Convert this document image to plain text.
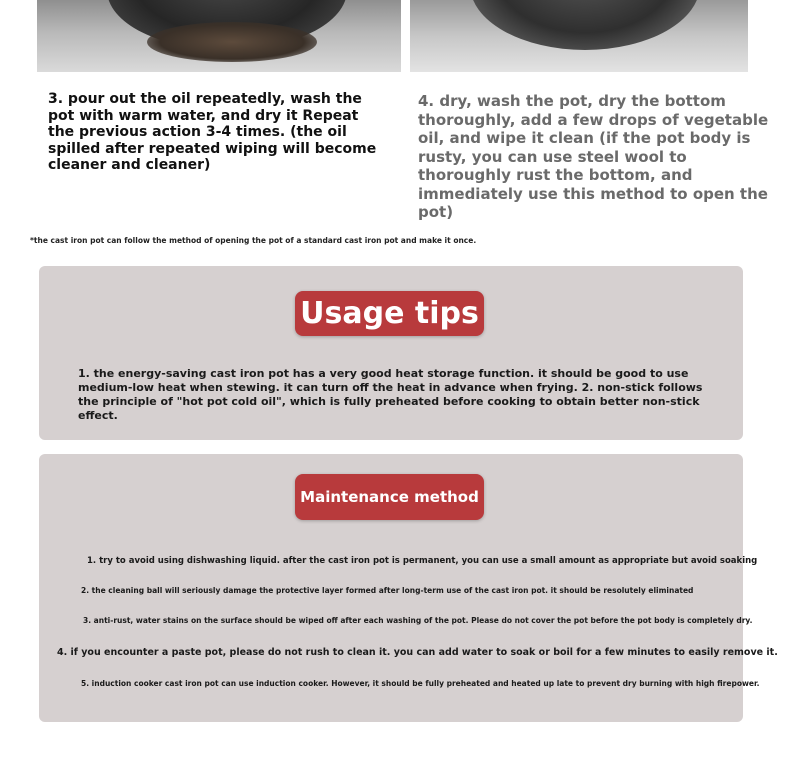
3. pour out the oil repeatedly, wash the pot with warm water, and dry it Repeat the previous action 3-4 times. (the oil spilled after repeated wiping will become cleaner and cleaner)

4. dry, wash the pot, dry the bottom thoroughly, add a few drops of vegetable oil, and wipe it clean (if the pot body is rusty, you can use steel wool to thoroughly rust the bottom, and immediately use this method to open the pot)

*the cast iron pot can follow the method of opening the pot of a standard cast iron pot and make it once.

Usage tips

1. the energy-saving cast iron pot has a very good heat storage function. it should be good to use medium-low heat when stewing. it can turn off the heat in advance when frying. 2. non-stick follows the principle of "hot pot cold oil", which is fully preheated before cooking to obtain better non-stick effect.

Maintenance method

1. try to avoid using dishwashing liquid. after the cast iron pot is permanent, you can use a small amount as appropriate but avoid soaking

2. the cleaning ball will seriously damage the protective layer formed after long-term use of the cast iron pot. it should be resolutely eliminated

3. anti-rust, water stains on the surface should be wiped off after each washing of the pot. Please do not cover the pot before the pot body is completely dry.

4. if you encounter a paste pot, please do not rush to clean it. you can add water to soak or boil for a few minutes to easily remove it.

5. induction cooker cast iron pot can use induction cooker. However, it should be fully preheated and heated up late to prevent dry burning with high firepower.
